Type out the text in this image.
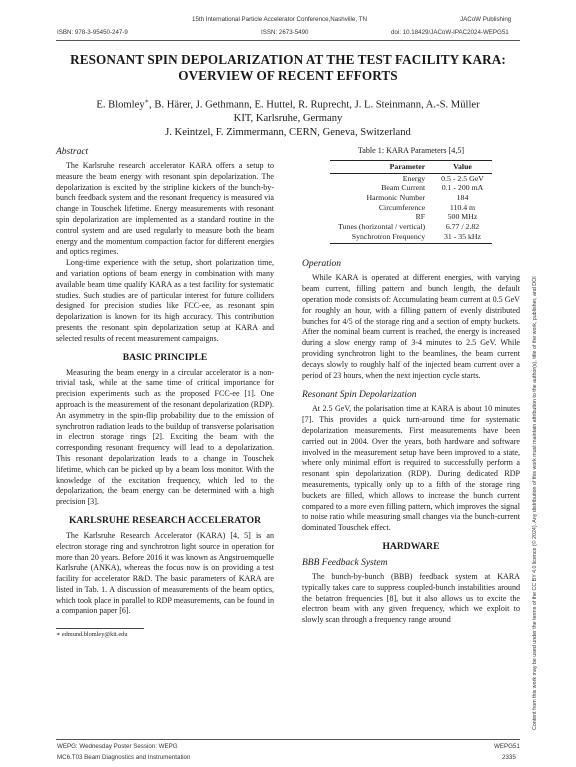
15th International Particle Accelerator Conference,Nashville, TN	JACoW Publishing
ISBN: 978-3-95450-247-9	ISSN: 2673-5490	doi: 10.18429/JACoW-IPAC2024-WEPG51
RESONANT SPIN DEPOLARIZATION AT THE TEST FACILITY KARA:
OVERVIEW OF RECENT EFFORTS
E. Blomley∗, B. Härer, J. Gethmann, E. Huttel, R. Ruprecht, J. L. Steinmann, A.-S. Müller
KIT, Karlsruhe, Germany
J. Keintzel, F. Zimmermann, CERN, Geneva, Switzerland
Abstract

The Karlsruhe research accelerator KARA offers a setup to measure the beam energy with resonant spin depolarization. The depolarization is excited by the stripline kickers of the bunch-by-bunch feedback system and the resonant frequency is measured via change in Touschek lifetime. Energy measurements with resonant spin depolarization are implemented as a standard routine in the control system and are used regularly to measure both the beam energy and the momentum compaction factor for different energies and optics regimes.

Long-time experience with the setup, short polarization time, and variation options of beam energy in combination with many available beam time qualify KARA as a test facility for systematic studies. Such studies are of particular interest for future colliders designed for precision studies like FCC-ee, as resonant spin depolarization is known for its high accuracy. This contribution presents the resonant spin depolarization setup at KARA and selected results of recent measurement campaigns.

BASIC PRINCIPLE

Measuring the beam energy in a circular accelerator is a non-trivial task, while at the same time of critical importance for precision experiments such as the proposed FCC-ee [1]. One approach is the measurement of the resonant depolarization (RDP). An asymmetry in the spin-flip probability due to the emission of synchrotron radiation leads to the buildup of transverse polarisation in electron storage rings [2]. Exciting the beam with the corresponding resonant frequency will lead to a depolarization. This resonant depolarization leads to a change in Touschek lifetime, which can be picked up by a beam loss monitor. With the knowledge of the excitation frequency, which led to the depolarization, the beam energy can be determined with a high precision [3].

KARLSRUHE RESEARCH ACCELERATOR

The Karlsruhe Research Accelerator (KARA) [4, 5] is an electron storage ring and synchrotron light source in operation for more than 20 years. Before 2016 it was known as Angstroemquelle Karlsruhe (ANKA), whereas the focus now is on providing a test facility for accelerator R&D. The basic parameters of KARA are listed in Tab. 1. A discussion of measurements of the beam optics, which took place in parallel to RDP measurements, can be found in a companion paper [6].

∗ edmund.blomley@kit.edu
Table 1: KARA Parameters [4,5]
Parameter	Value
Energy	0.5 - 2.5 GeV
Beam Current	0.1 - 200 mA
Harmonic Number	184
Circumference	110.4 m
RF	500 MHz
Tunes (horizontal / vertical)	6.77 / 2.82
Synchrotron Frequency	31 - 35 kHz
Operation

While KARA is operated at different energies, with varying beam current, filling pattern and bunch length, the default operation mode consists of: Accumulating beam current at 0.5 GeV for roughly an hour, with a filling pattern of evenly distributed bunches for 4/5 of the storage ring and a section of empty buckets. After the nominal beam current is reached, the energy is increased during a slow energy ramp of 3-4 minutes to 2.5 GeV. While providing synchrotron light to the beamlines, the beam current decays slowly to roughly half of the injected beam current over a period of 23 hours, when the next injection cycle starts.

Resonant Spin Depolarization

At 2.5 GeV, the polarisation time at KARA is about 10 minutes [7]. This provides a quick turn-around time for systematic depolarization measurements. First measurements have been carried out in 2004. Over the years, both hardware and software involved in the measurement setup have been improved to a state, where only minimal effort is required to successfully perform a resonant spin depolarization (RDP). During dedicated RDP measurements, typically only up to a fifth of the storage ring buckets are filled, which allows to increase the bunch current compared to a more even filling pattern, which improves the signal to noise ratio while measuring small changes via the bunch-current dominated Touschek effect.

HARDWARE
BBB Feedback System

The bunch-by-bunch (BBB) feedback system at KARA typically takes care to suppress coupled-bunch instabilities around the betatron frequencies [8], but it also allows us to excite the electron beam with any given frequency, which we exploit to slowly scan through a frequency range around	Content from this work may be used under the terms of the CC BY 4.0 licence (© 2024). Any distribution of this work must maintain attribution to the author(s), title of the work, publisher, and DOI
WEPG: Wednesday Poster Session: WEPG	WEPG51
MC6.T03 Beam Diagnostics and Instrumentation	2335
